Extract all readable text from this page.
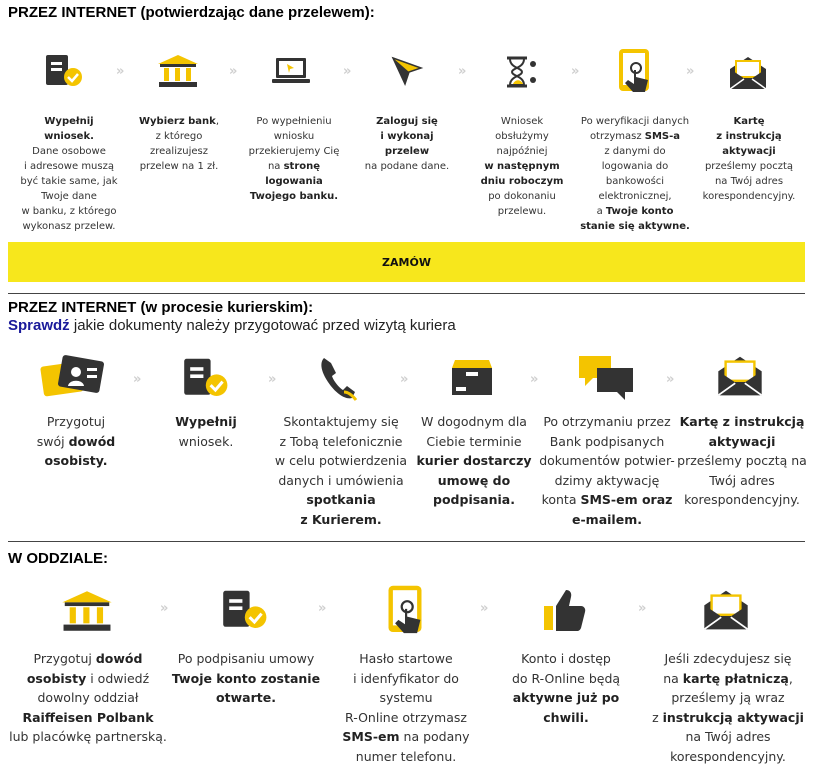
PRZEZ INTERNET (potwierdzając dane przelewem):
»	»	»	»	»	»
Wypełnij
wniosek.
Dane osobowe
i adresowe muszą
być takie same, jak
Twoje dane
w banku, z którego
wykonasz przelew.
Wybierz bank,
z którego
zrealizujesz
przelew na 1 zł.
Po wypełnieniu
wniosku
przekierujemy Cię
na stronę
logowania
Twojego banku.
Zaloguj się
i wykonaj
przelew
na podane dane.
Wniosek
obsłużymy
najpóźniej
w następnym
dniu roboczym
po dokonaniu
przelewu.
Po weryfikacji danych
otrzymasz SMS-a
z danymi do
logowania do
bankowości
elektronicznej,
a Twoje konto
stanie się aktywne.
Kartę
z instrukcją
aktywacji
prześlemy pocztą
na Twój adres
korespondencyjny.
ZAMÓW
PRZEZ INTERNET (w procesie kurierskim):
Sprawdź jakie dokumenty należy przygotować przed wizytą kuriera
»	»	»	»	»
Przygotuj
swój dowód
osobisty.
Wypełnij
wniosek.
Skontaktujemy się
z Tobą telefonicznie
w celu potwierdzenia
danych i umówienia
spotkania
z Kurierem.
W dogodnym dla
Ciebie terminie
kurier dostarczy
umowę do
podpisania.
Po otrzymaniu przez
Bank podpisanych
dokumentów potwier-
dzimy aktywację
konta SMS-em oraz
e-mailem.
Kartę z instrukcją
aktywacji
prześlemy pocztą na
Twój adres
korespondencyjny.
W ODDZIALE:
»	»	»	»
Przygotuj dowód
osobisty i odwiedź
dowolny oddział
Raiffeisen Polbank
lub placówkę partnerską.
Po podpisaniu umowy
Twoje konto zostanie
otwarte.
Hasło startowe
i idenfyfikator do systemu
R-Online otrzymasz
SMS-em na podany
numer telefonu.
Konto i dostęp
do R-Online będą
aktywne już po chwili.
Jeśli zdecydujesz się
na kartę płatniczą,
prześlemy ją wraz
z instrukcją aktywacji
na Twój adres
korespondencyjny.
